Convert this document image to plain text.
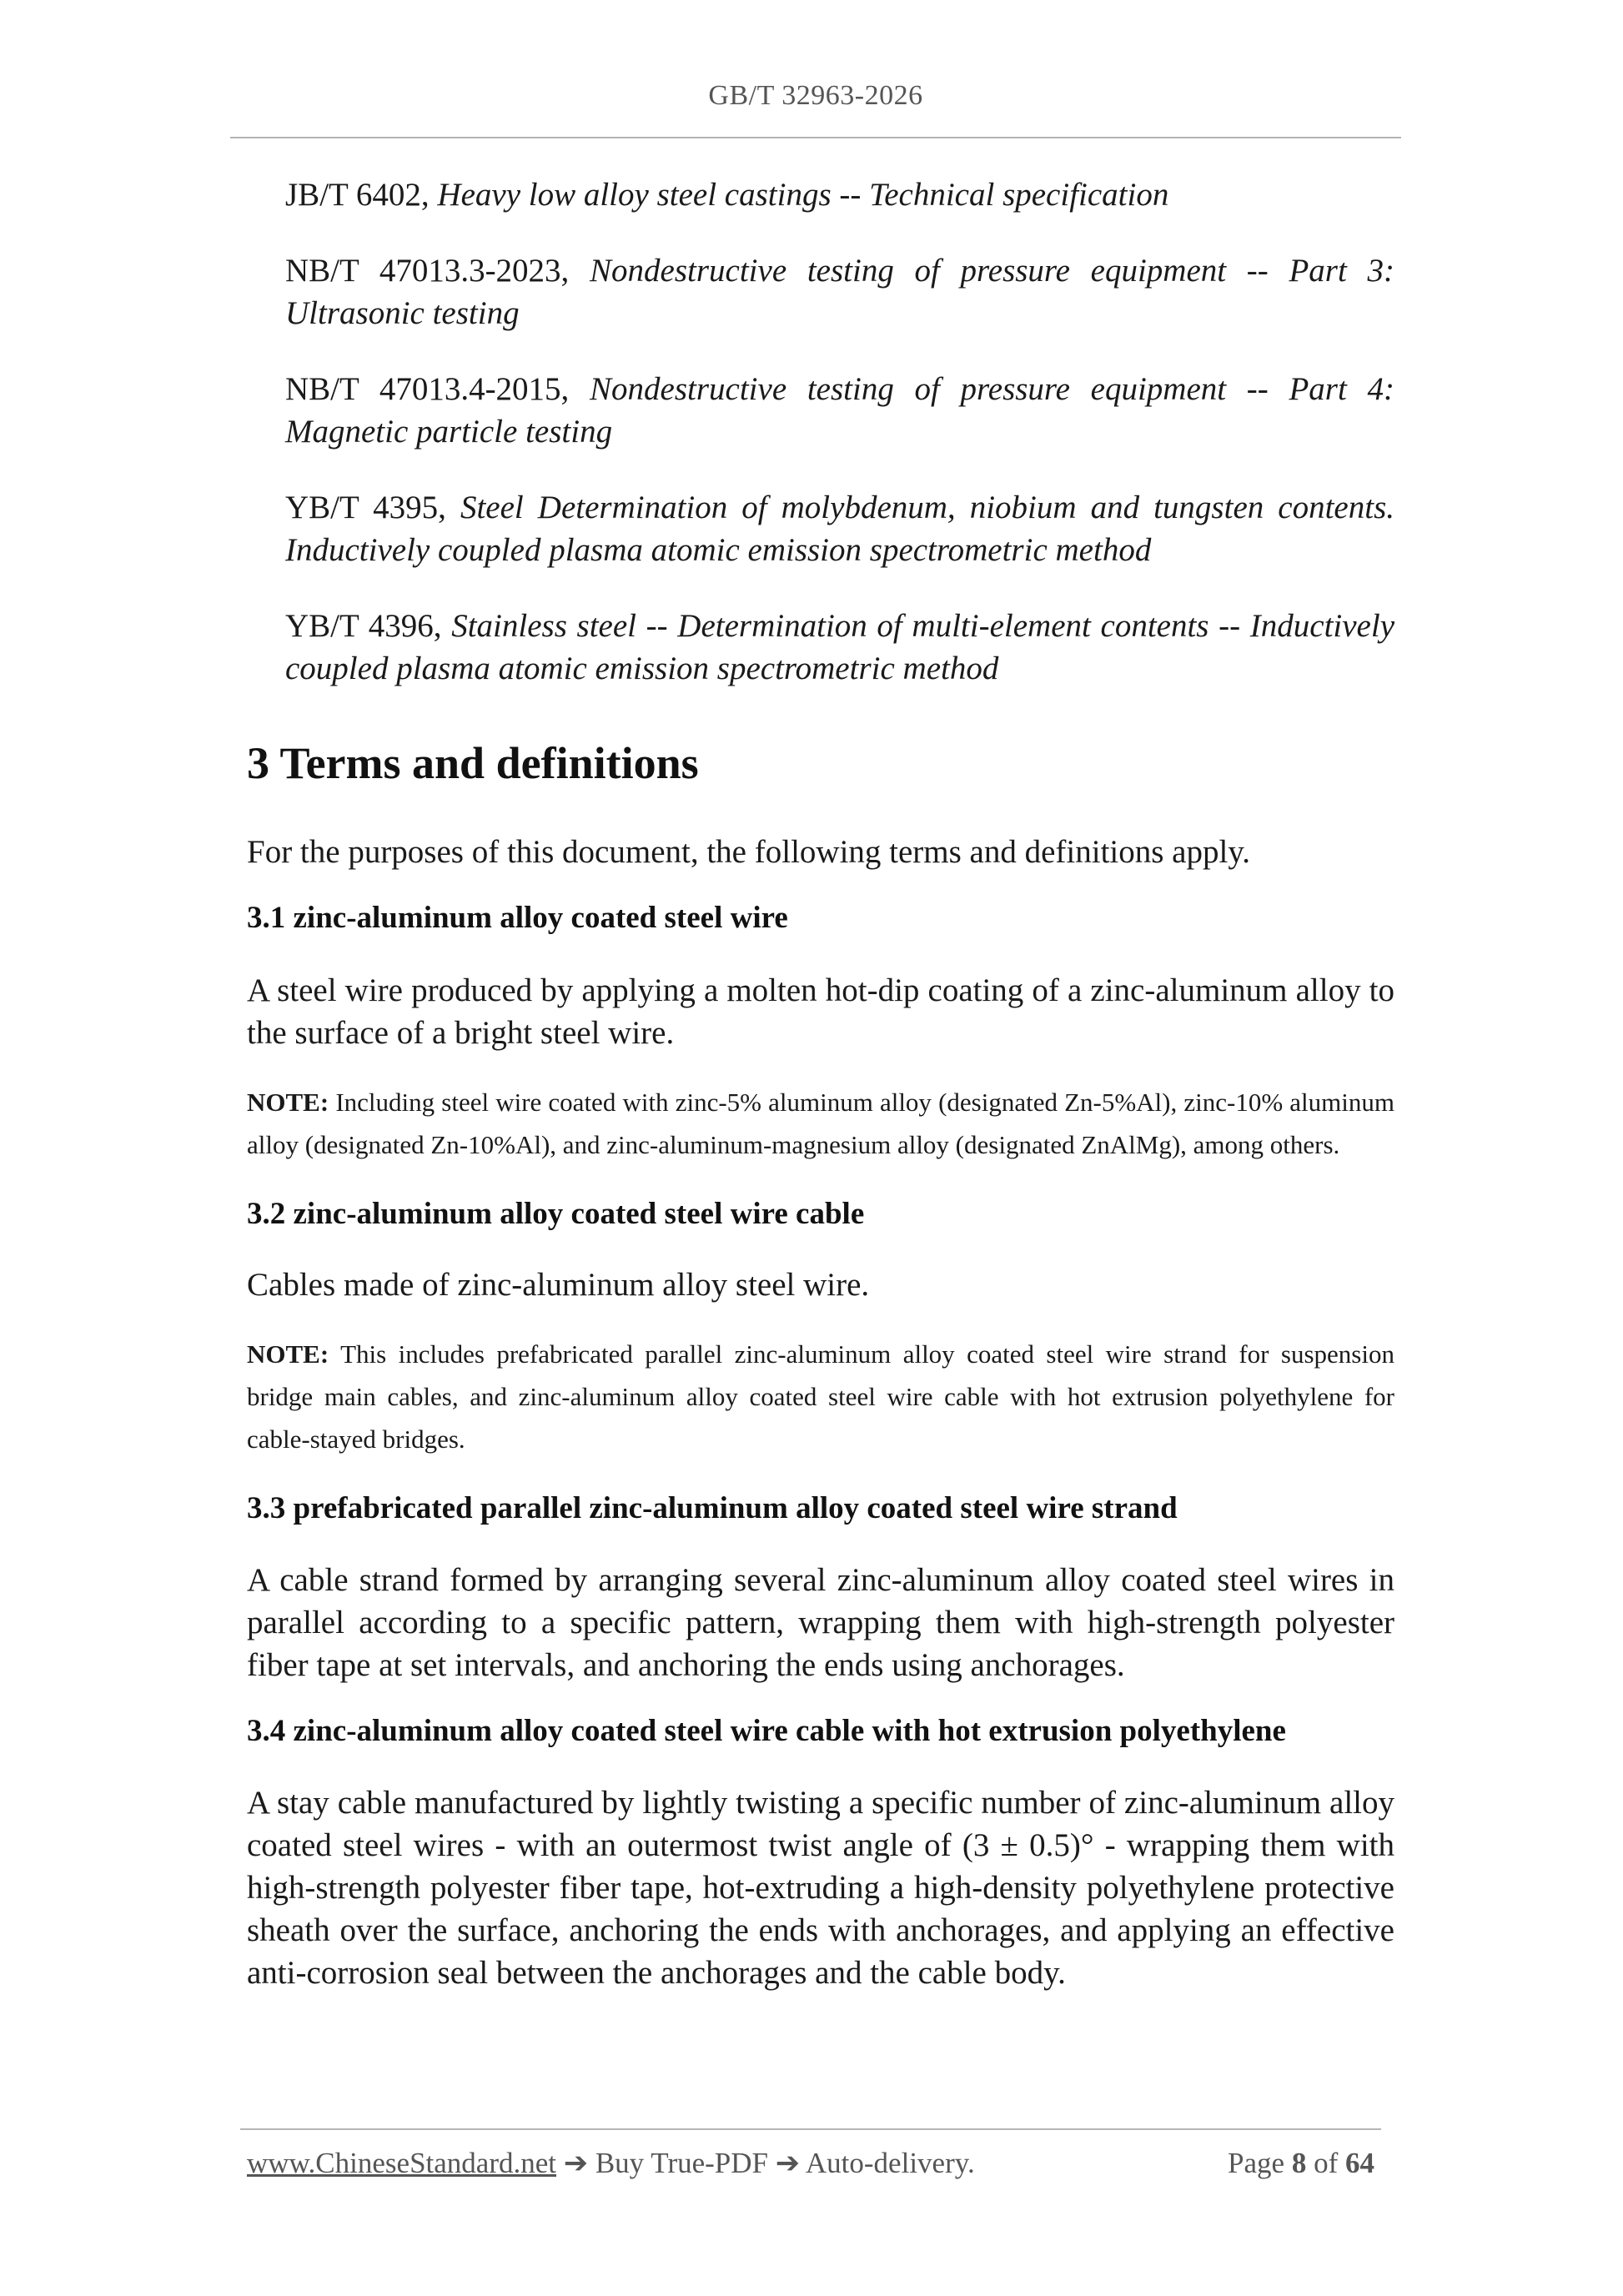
GB/T 32963-2026

JB/T 6402, Heavy low alloy steel castings -- Technical specification

NB/T 47013.3-2023, Nondestructive testing of pressure equipment -- Part 3: Ultrasonic testing

NB/T 47013.4-2015, Nondestructive testing of pressure equipment -- Part 4: Magnetic particle testing

YB/T 4395, Steel Determination of molybdenum, niobium and tungsten contents. Inductively coupled plasma atomic emission spectrometric method

YB/T 4396, Stainless steel -- Determination of multi-element contents -- Inductively coupled plasma atomic emission spectrometric method

3 Terms and definitions

For the purposes of this document, the following terms and definitions apply.

3.1 zinc-aluminum alloy coated steel wire

A steel wire produced by applying a molten hot-dip coating of a zinc-aluminum alloy to the surface of a bright steel wire.

NOTE: Including steel wire coated with zinc-5% aluminum alloy (designated Zn-5%Al), zinc-10% aluminum alloy (designated Zn-10%Al), and zinc-aluminum-magnesium alloy (designated ZnAlMg), among others.

3.2 zinc-aluminum alloy coated steel wire cable

Cables made of zinc-aluminum alloy steel wire.

NOTE: This includes prefabricated parallel zinc-aluminum alloy coated steel wire strand for suspension bridge main cables, and zinc-aluminum alloy coated steel wire cable with hot extrusion polyethylene for cable-stayed bridges.

3.3 prefabricated parallel zinc-aluminum alloy coated steel wire strand

A cable strand formed by arranging several zinc-aluminum alloy coated steel wires in parallel according to a specific pattern, wrapping them with high-strength polyester fiber tape at set intervals, and anchoring the ends using anchorages.

3.4 zinc-aluminum alloy coated steel wire cable with hot extrusion polyethylene

A stay cable manufactured by lightly twisting a specific number of zinc-aluminum alloy coated steel wires - with an outermost twist angle of (3 ± 0.5)° - wrapping them with high-strength polyester fiber tape, hot-extruding a high-density polyethylene protective sheath over the surface, anchoring the ends with anchorages, and applying an effective anti-corrosion seal between the anchorages and the cable body.

www.ChineseStandard.net ➔ Buy True-PDF ➔ Auto-delivery.	Page 8 of 64
